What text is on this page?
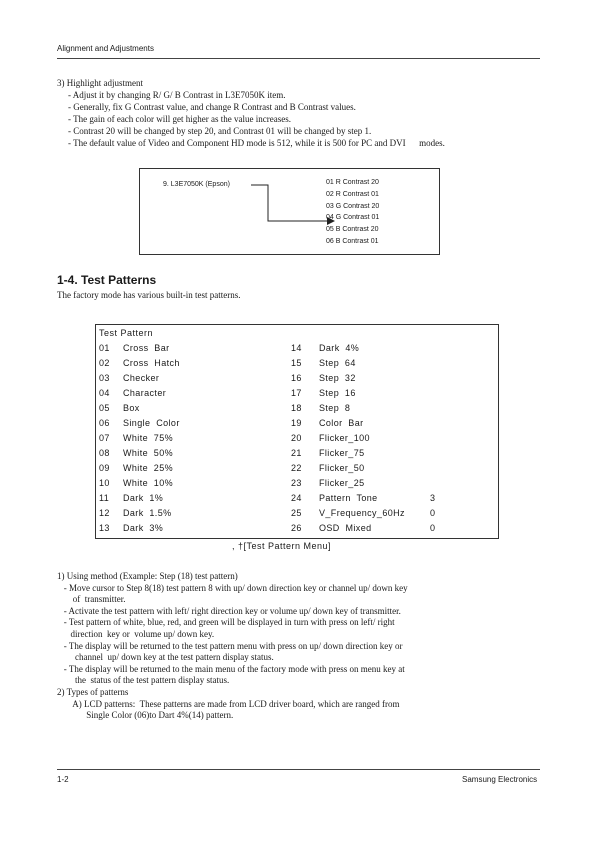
Alignment and Adjustments
3) Highlight adjustment
- Adjust it by changing R/ G/ B Contrast in L3E7050K item.
- Generally, fix G Contrast value, and change R Contrast and B Contrast values.
- The gain of each color will get higher as the value increases.
- Contrast 20 will be changed by step 20, and Contrast 01 will be changed by step 1.
- The default value of Video and Component HD mode is 512, while it is 500 for PC and DVI      modes.
9. L3E7050K (Epson)	01 R Contrast 20
02 R Contrast 01
03 G Contrast 20
04 G Contrast 01
05 B Contrast 20
06 B Contrast 01
1-4. Test Patterns
The factory mode has various built-in test patterns.
Test Pattern
01 Cross  Bar	14 Dark  4%
02 Cross  Hatch	15 Step  64
03 Checker	16 Step  32
04 Character	17 Step  16
05 Box	18 Step  8
06 Single  Color	19 Color  Bar
07 White  75%	20 Flicker_100
08 White  50%	21 Flicker_75
09 White  25%	22 Flicker_50
10 White  10%	23 Flicker_25
11 Dark  1%	24 Pattern  Tone	3
12 Dark  1.5%	25 V_Frequency_60Hz	0
13 Dark  3%	26 OSD  Mixed	0
, †[Test Pattern Menu]
1) Using method (Example: Step (18) test pattern)
- Move cursor to Step 8(18) test pattern 8 with up/ down direction key or channel up/ down key
of  transmitter.
- Activate the test pattern with left/ right direction key or volume up/ down key of transmitter.
- Test pattern of white, blue, red, and green will be displayed in turn with press on left/ right
direction  key or  volume up/ down key.
- The display will be returned to the test pattern menu with press on up/ down direction key or
channel  up/ down key at the test pattern display status.
- The display will be returned to the main menu of the factory mode with press on menu key at
the  status of the test pattern display status.
2) Types of patterns
A) LCD patterns:  These patterns are made from LCD driver board, which are ranged from
Single Color (06)to Dart 4%(14) pattern.
1-2	Samsung Electronics
